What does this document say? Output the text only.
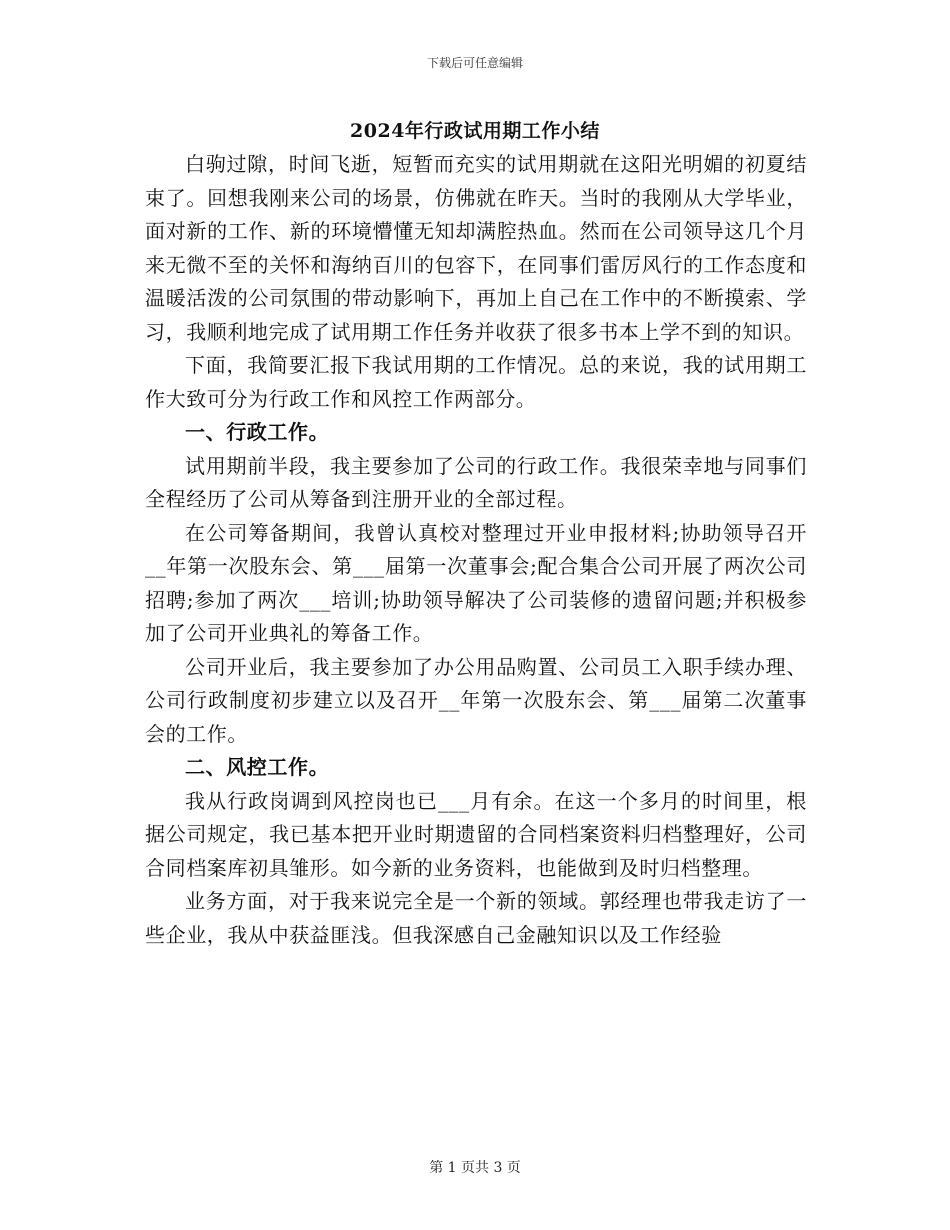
下载后可任意编辑
2024年行政试用期工作小结

白驹过隙，时间飞逝，短暂而充实的试用期就在这阳光明媚的初夏结束了。回想我刚来公司的场景，仿佛就在昨天。当时的我刚从大学毕业，面对新的工作、新的环境懵懂无知却满腔热血。然而在公司领导这几个月来无微不至的关怀和海纳百川的包容下，在同事们雷厉风行的工作态度和温暖活泼的公司氛围的带动影响下，再加上自己在工作中的不断摸索、学习，我顺利地完成了试用期工作任务并收获了很多书本上学不到的知识。

下面，我简要汇报下我试用期的工作情况。总的来说，我的试用期工作大致可分为行政工作和风控工作两部分。

一、行政工作。

试用期前半段，我主要参加了公司的行政工作。我很荣幸地与同事们全程经历了公司从筹备到注册开业的全部过程。

在公司筹备期间，我曾认真校对整理过开业申报材料;协助领导召开__年第一次股东会、第___届第一次董事会;配合集合公司开展了两次公司招聘;参加了两次___培训;协助领导解决了公司装修的遗留问题;并积极参加了公司开业典礼的筹备工作。

公司开业后，我主要参加了办公用品购置、公司员工入职手续办理、公司行政制度初步建立以及召开__年第一次股东会、第___届第二次董事会的工作。

二、风控工作。

我从行政岗调到风控岗也已___月有余。在这一个多月的时间里，根据公司规定，我已基本把开业时期遗留的合同档案资料归档整理好，公司合同档案库初具雏形。如今新的业务资料，也能做到及时归档整理。

业务方面，对于我来说完全是一个新的领域。郭经理也带我走访了一些企业，我从中获益匪浅。但我深感自己金融知识以及工作经验

第 1 页共 3 页
